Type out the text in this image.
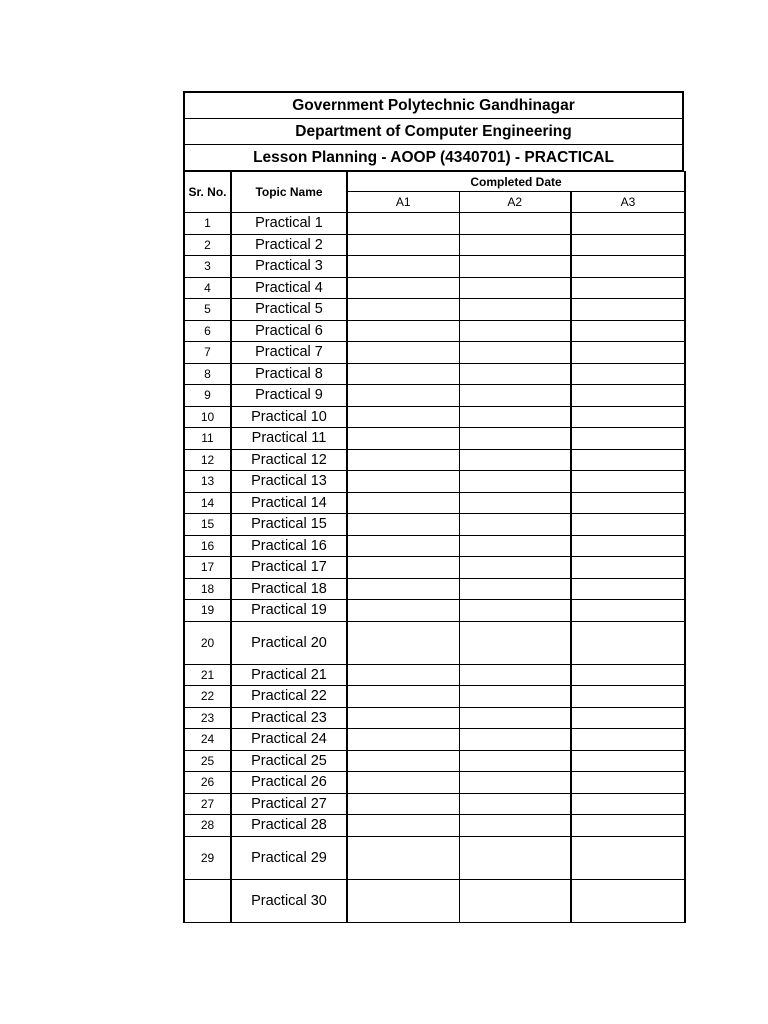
Government Polytechnic Gandhinagar
Department of Computer Engineering
Lesson Planning - AOOP (4340701) - PRACTICAL
Sr. No.	Topic Name	Completed Date		
		A1	A2	A3
1	Practical 1			
2	Practical 2			
3	Practical 3			
4	Practical 4			
5	Practical 5			
6	Practical 6			
7	Practical 7			
8	Practical 8			
9	Practical 9			
10	Practical 10			
11	Practical 11			
12	Practical 12			
13	Practical 13			
14	Practical 14			
15	Practical 15			
16	Practical 16			
17	Practical 17			
18	Practical 18			
19	Practical 19			
20	Practical 20			
21	Practical 21			
22	Practical 22			
23	Practical 23			
24	Practical 24			
25	Practical 25			
26	Practical 26			
27	Practical 27			
28	Practical 28			
29	Practical 29			
	Practical 30			
